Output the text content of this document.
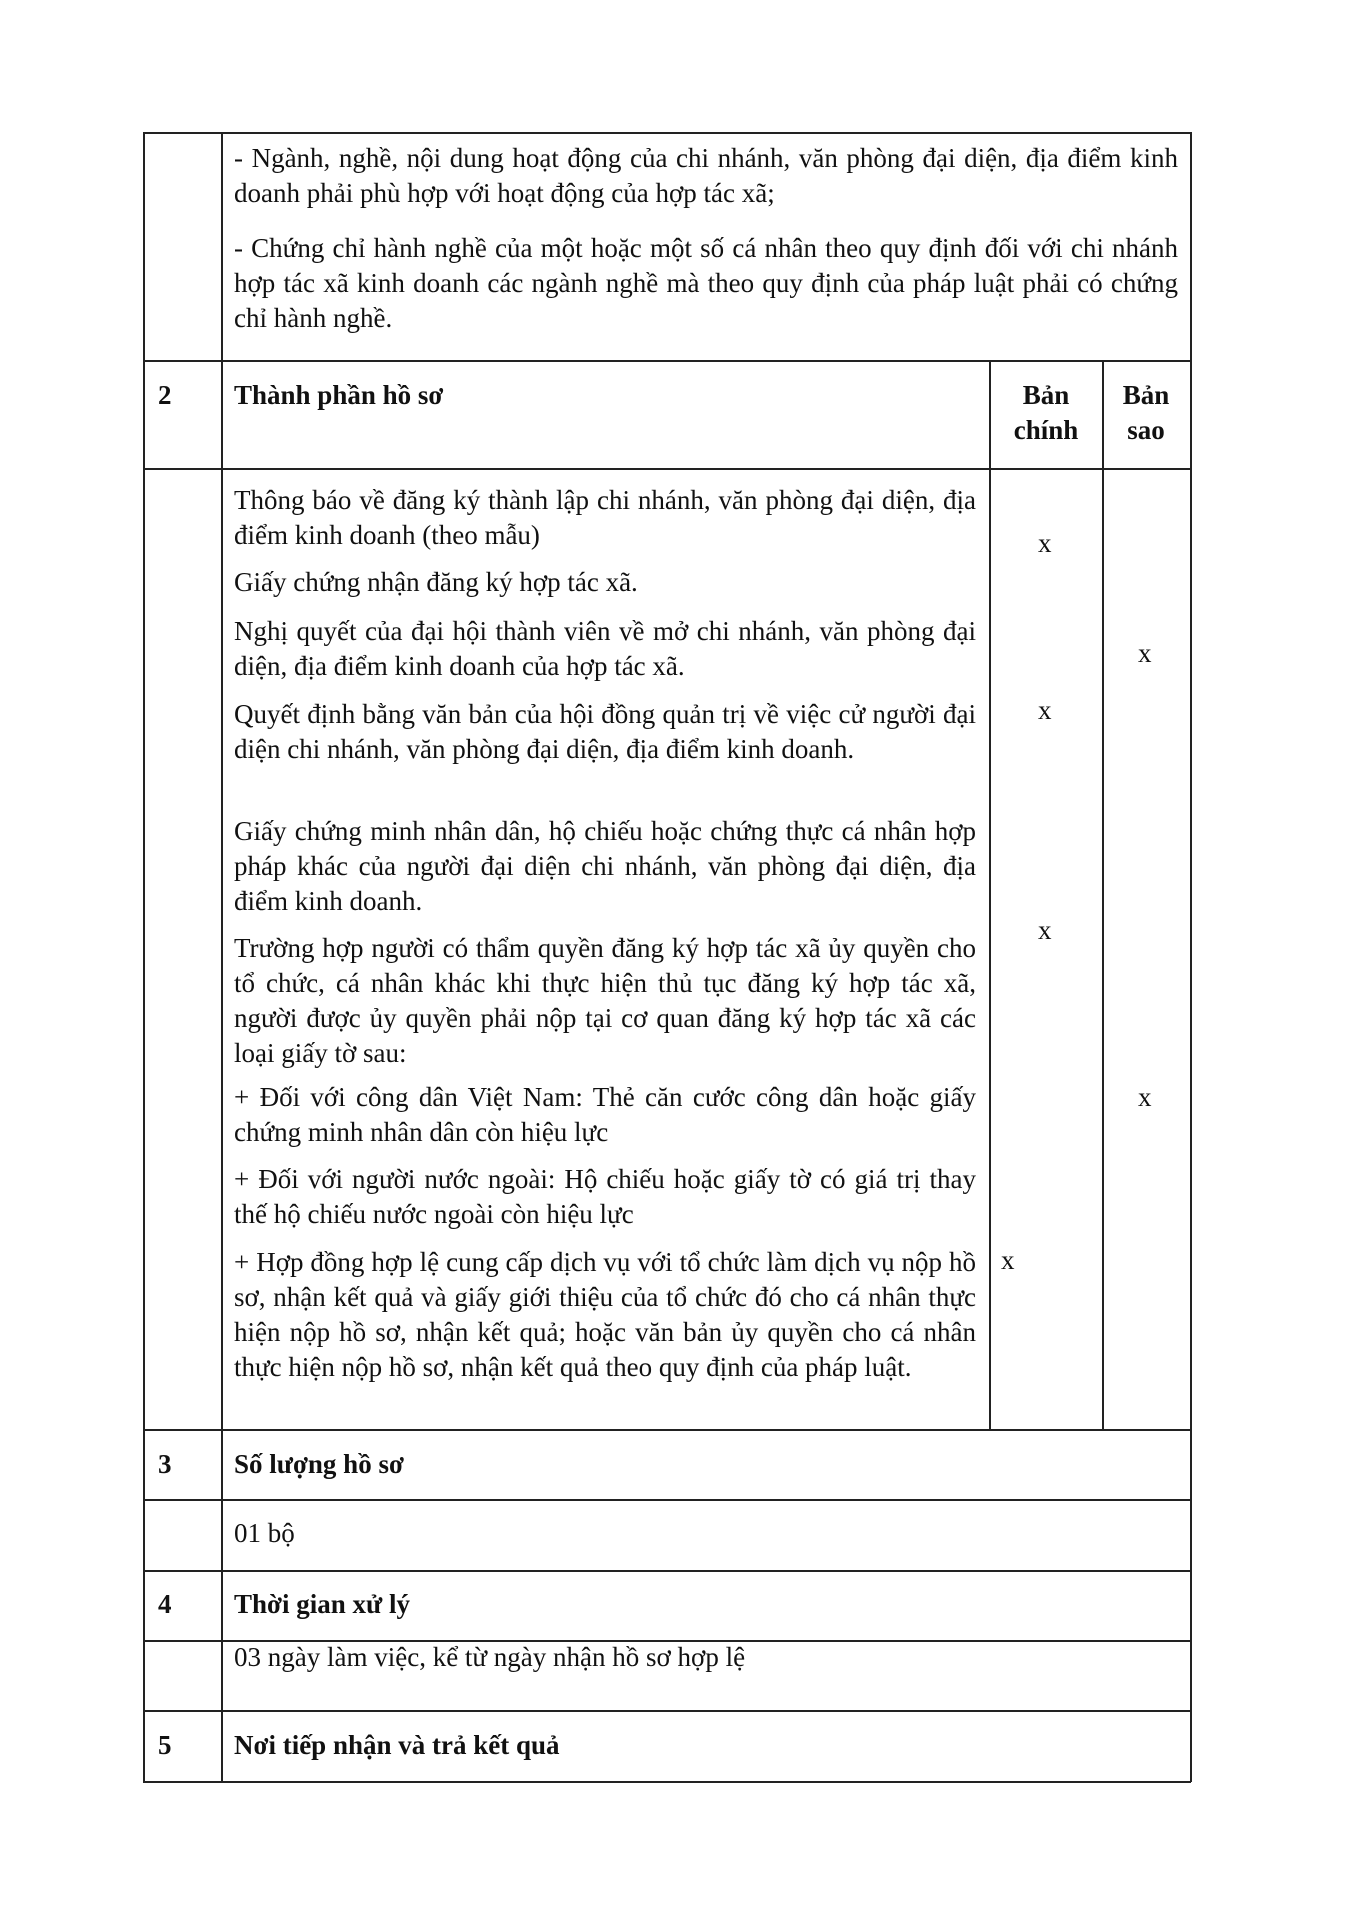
- Ngành, nghề, nội dung hoạt động của chi nhánh, văn phòng đại diện, địa điểm kinh doanh phải phù hợp với hoạt động của hợp tác xã;

- Chứng chỉ hành nghề của một hoặc một số cá nhân theo quy định đối với chi nhánh hợp tác xã kinh doanh các ngành nghề mà theo quy định của pháp luật phải có chứng chỉ hành nghề.

2 Thành phần hồ sơ	Bản chính

Bản sao

Thông báo về đăng ký thành lập chi nhánh, văn phòng đại diện, địa điểm kinh doanh (theo mẫu)

Giấy chứng nhận đăng ký hợp tác xã.

Nghị quyết của đại hội thành viên về mở chi nhánh, văn phòng đại diện, địa điểm kinh doanh của hợp tác xã.

Quyết định bằng văn bản của hội đồng quản trị về việc cử người đại diện chi nhánh, văn phòng đại diện, địa điểm kinh doanh.

Giấy chứng minh nhân dân, hộ chiếu hoặc chứng thực cá nhân hợp pháp khác của người đại diện chi nhánh, văn phòng đại diện, địa điểm kinh doanh.

Trường hợp người có thẩm quyền đăng ký hợp tác xã ủy quyền cho tổ chức, cá nhân khác khi thực hiện thủ tục đăng ký hợp tác xã, người được ủy quyền phải nộp tại cơ quan đăng ký hợp tác xã các loại giấy tờ sau:

+ Đối với công dân Việt Nam: Thẻ căn cước công dân hoặc giấy chứng minh nhân dân còn hiệu lực

+ Đối với người nước ngoài: Hộ chiếu hoặc giấy tờ có giá trị thay thế hộ chiếu nước ngoài còn hiệu lực

+ Hợp đồng hợp lệ cung cấp dịch vụ với tổ chức làm dịch vụ nộp hồ sơ, nhận kết quả và giấy giới thiệu của tổ chức đó cho cá nhân thực hiện nộp hồ sơ, nhận kết quả; hoặc văn bản ủy quyền cho cá nhân thực hiện nộp hồ sơ, nhận kết quả theo quy định của pháp luật.

x
x
x
x
x
x

3 Số lượng hồ sơ

01 bộ

4 Thời gian xử lý

03 ngày làm việc, kể từ ngày nhận hồ sơ hợp lệ

5 Nơi tiếp nhận và trả kết quả
